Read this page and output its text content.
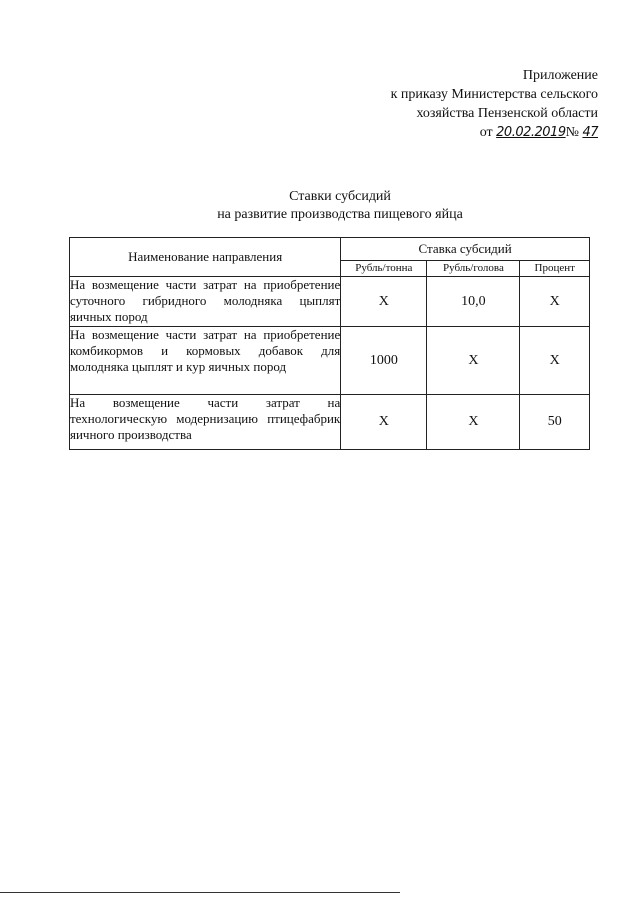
Приложение
к приказу Министерства сельского
хозяйства Пензенской области
от 20.02.2019№ 47
Ставки субсидий
на развитие производства пищевого яйца
Наименование направления	Ставка субсидий		
	Рубль/тонна	Рубль/голова	Процент
На возмещение части затрат на приобретение суточного гибридного молодняка цыплят яичных пород	Х	10,0	Х
На возмещение части затрат на приобретение комбикормов и кормовых добавок для молодняка цыплят и кур яичных пород	1000	Х	Х
На возмещение части затрат на технологическую модернизацию птицефабрик яичного производства	Х	Х	50
